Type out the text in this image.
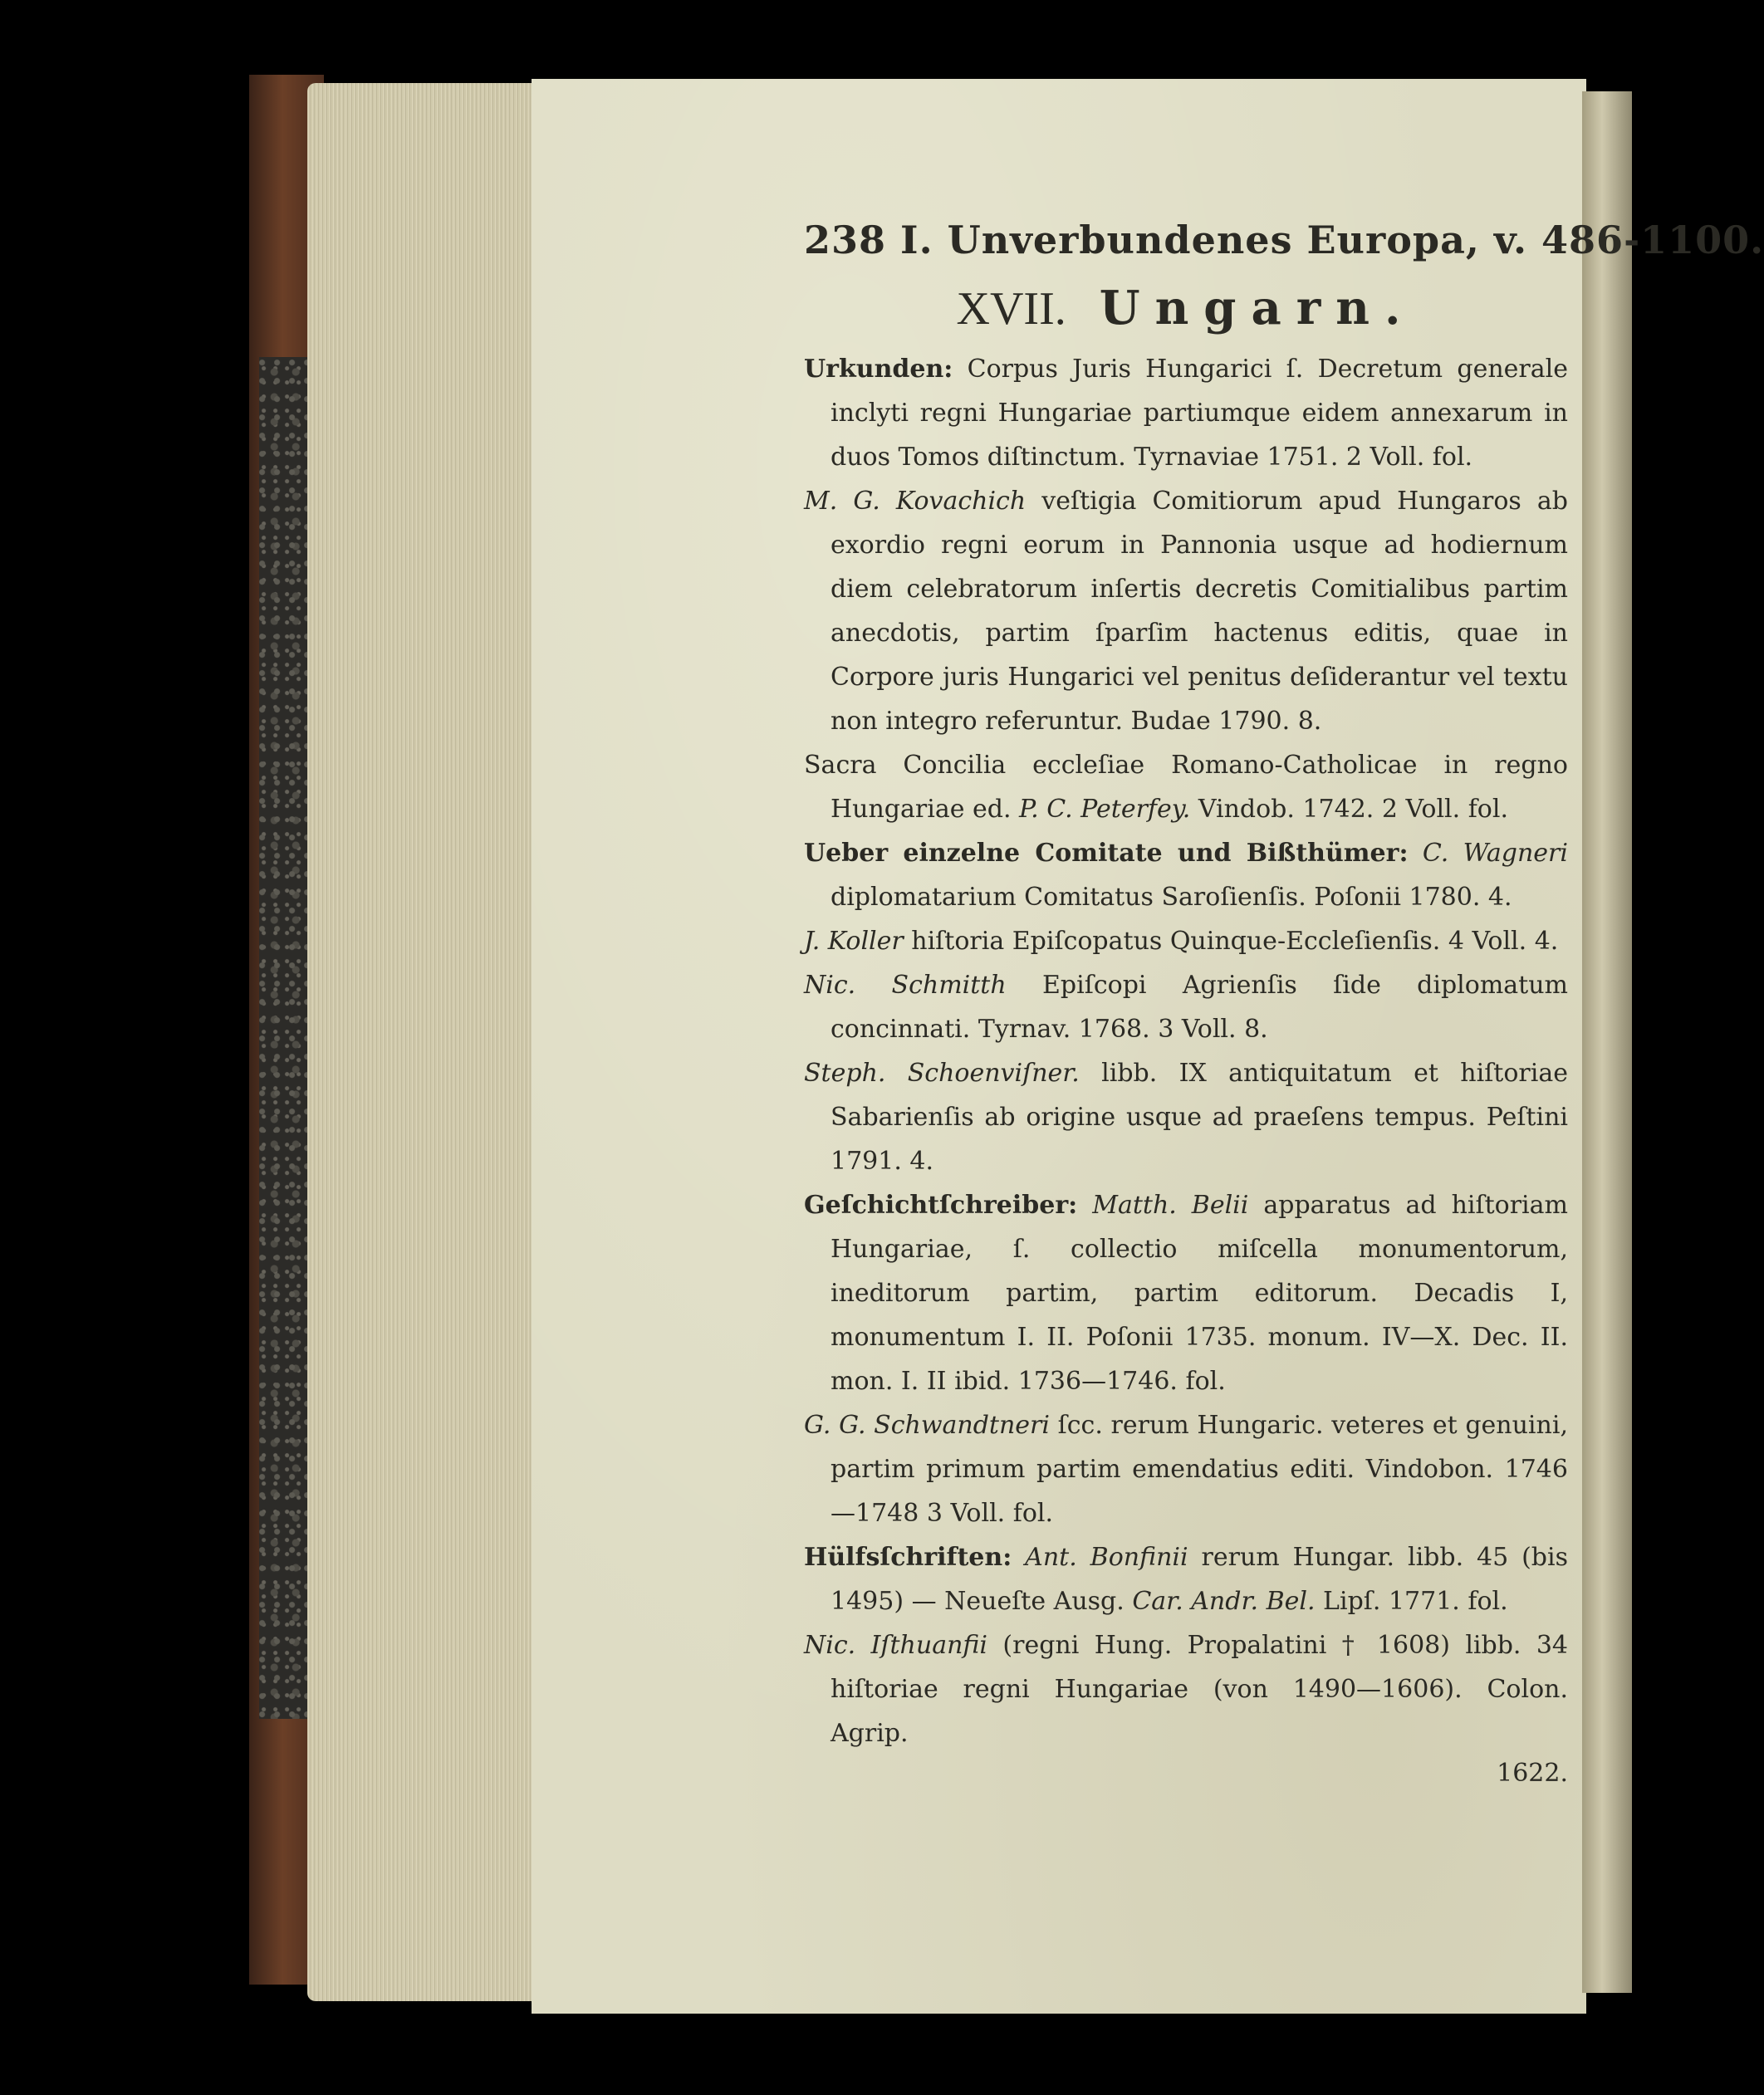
238 I. Unverbundenes Europa, v. 486-1100.
XVII. Ungarn.

Urkunden: Corpus Juris Hungarici ſ. Decretum generale inclyti regni Hungariae partiumque eidem annexarum in duos Tomos diſtinctum. Tyrnaviae 1751. 2 Voll. fol.

M. G. Kovachich veſtigia Comitiorum apud Hungaros ab exordio regni eorum in Pannonia usque ad hodiernum diem celebratorum inſertis decretis Comitialibus partim anecdotis, partim ſparſim hactenus editis, quae in Corpore juris Hungarici vel penitus deſiderantur vel textu non integro referuntur. Budae 1790. 8.

Sacra Concilia eccleſiae Romano-Catholicae in regno Hungariae ed. P. C. Peterfey. Vindob. 1742. 2 Voll. fol.

Ueber einzelne Comitate und Bißthümer: C. Wagneri diplomatarium Comitatus Saroſienſis. Poſonii 1780. 4.

J. Koller hiſtoria Epiſcopatus Quinque-Eccleſienſis. 4 Voll. 4.

Nic. Schmitth Epiſcopi Agrienſis ſide diplomatum concinnati. Tyrnav. 1768. 3 Voll. 8.

Steph. Schoenviſner. libb. IX antiquitatum et hiſtoriae Sabarienſis ab origine usque ad praeſens tempus. Peſtini 1791. 4.

Geſchichtſchreiber: Matth. Belii apparatus ad hiſtoriam Hungariae, ſ. collectio miſcella monumentorum, ineditorum partim, partim editorum. Decadis I, monumentum I. II. Poſonii 1735. monum. IV—X. Dec. II. mon. I. II ibid. 1736—1746. fol.

G. G. Schwandtneri ſcc. rerum Hungaric. veteres et genuini, partim primum partim emendatius editi. Vindobon. 1746—1748 3 Voll. fol.

Hülfsſchriften: Ant. Bonfinii rerum Hungar. libb. 45 (bis 1495) — Neueſte Ausg. Car. Andr. Bel. Lipſ. 1771. fol.

Nic. Iſthuanfii (regni Hung. Propalatini † 1608) libb. 34 hiſtoriae regni Hungariae (von 1490—1606). Colon. Agrip.

1622.
